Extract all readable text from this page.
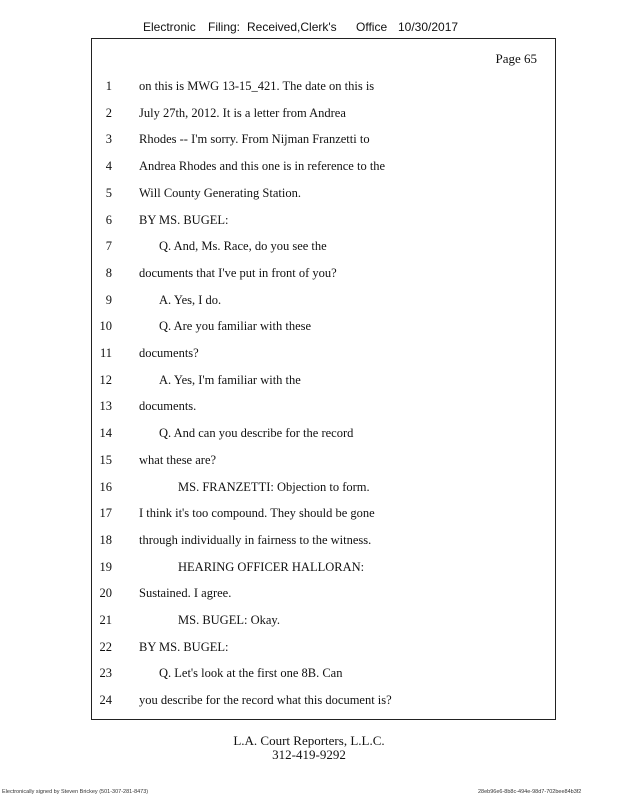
Electronic Filing: Received,Clerk's Office 10/30/2017
Page 65
1 on this is MWG 13-15_421. The date on this is
2 July 27th, 2012. It is a letter from Andrea
3 Rhodes -- I'm sorry. From Nijman Franzetti to
4 Andrea Rhodes and this one is in reference to the
5 Will County Generating Station.
6 BY MS. BUGEL:
7	Q. And, Ms. Race, do you see the
8 documents that I've put in front of you?
9	A. Yes, I do.
10	Q. Are you familiar with these
11 documents?
12	A. Yes, I'm familiar with the
13 documents.
14	Q. And can you describe for the record
15 what these are?
16	MS. FRANZETTI: Objection to form.
17 I think it's too compound. They should be gone
18 through individually in fairness to the witness.
19	HEARING OFFICER HALLORAN:
20 Sustained. I agree.
21	MS. BUGEL: Okay.
22 BY MS. BUGEL:
23	Q. Let's look at the first one 8B. Can
24 you describe for the record what this document is?
L.A. Court Reporters, L.L.C.
312-419-9292
Electronically signed by Steven Brickey (501-307-281-8473)	28eb96e6-8b8c-494e-98d7-702bee84b3f2
